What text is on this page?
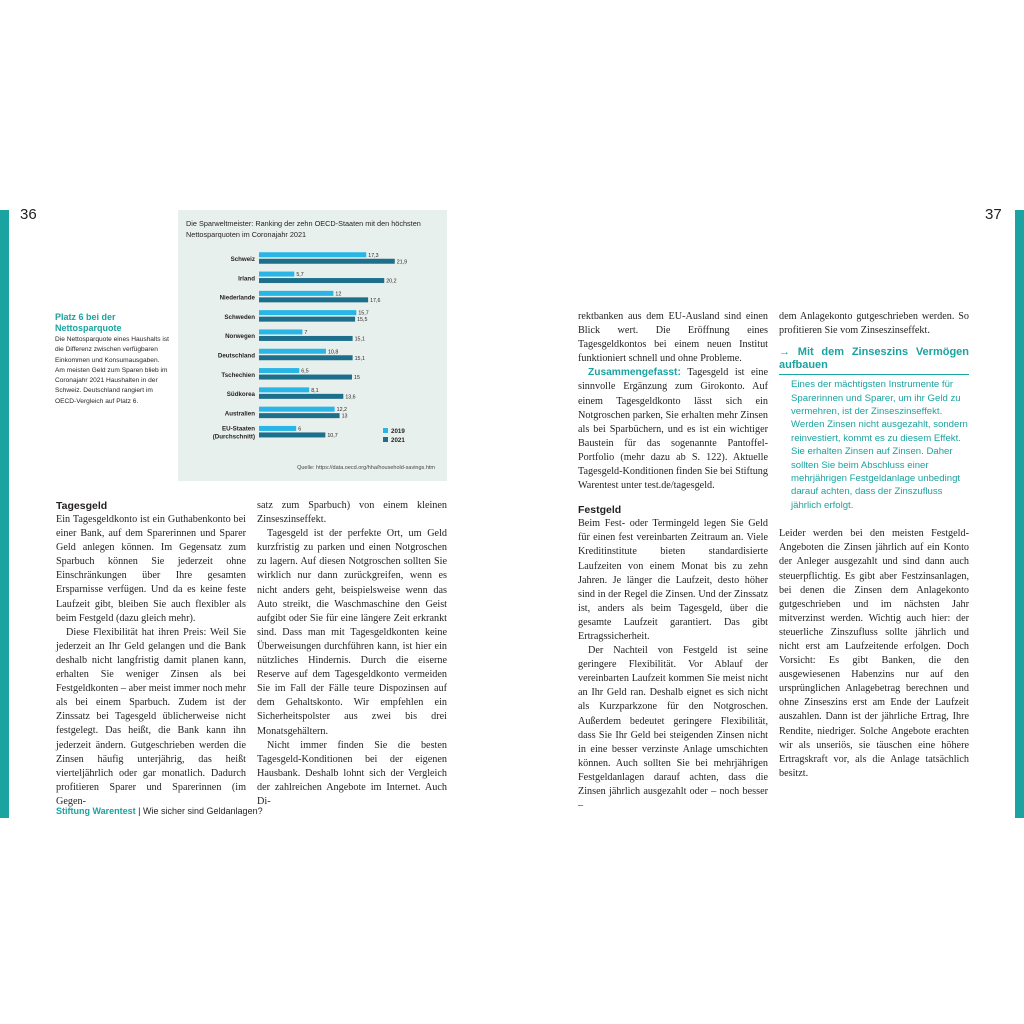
36	37
Schweiz
17,3
21,9
Irland
5,7
20,2
Niederlande
12
17,6
Schweden
15,7
15,5
Norwegen
7
15,1
Deutschland
10,8
15,1
Tschechien
6,5
15
Südkorea
8,1
13,6
Australien
12,2
13
EU-Staaten
(Durchschnitt)
6
10,7
2019
2021
Die Sparweltmeister: Ranking der zehn OECD-Staaten mit den höchsten Nettosparquoten im Coronajahr 2021
Quelle: https://data.oecd.org/hha/household-savings.htm
Platz 6 bei der Nettosparquote
Die Nettosparquote eines Haushalts ist die Differenz zwischen verfügbaren Einkommen und Konsumausgaben. Am meisten Geld zum Sparen blieb im Coronajahr 2021 Haushalten in der Schweiz. Deutschland rangiert im OECD-Vergleich auf Platz 6.
Tagesgeld

Ein Tagesgeldkonto ist ein Guthabenkonto bei einer Bank, auf dem Sparerinnen und Sparer Geld anlegen können. Im Gegensatz zum Sparbuch können Sie jederzeit ohne Einschränkungen über Ihre gesamten Ersparnisse verfügen. Und da es keine feste Laufzeit gibt, bleiben Sie auch flexibler als beim Festgeld (dazu gleich mehr).

Diese Flexibilität hat ihren Preis: Weil Sie jederzeit an Ihr Geld gelangen und die Bank deshalb nicht langfristig damit planen kann, erhalten Sie weniger Zinsen als bei Festgeldkonten – aber meist immer noch mehr als bei einem Sparbuch. Zudem ist der Zinssatz bei Tagesgeld üblicherweise nicht festgelegt. Das heißt, die Bank kann ihn jederzeit ändern. Gutgeschrieben werden die Zinsen häufig unterjährig, das heißt vierteljährlich oder gar monatlich. Dadurch profitieren Sparer und Sparerinnen (im Gegen-

satz zum Sparbuch) von einem kleinen Zinseszinseffekt.

Tagesgeld ist der perfekte Ort, um Geld kurzfristig zu parken und einen Notgroschen zu lagern. Auf diesen Notgroschen sollten Sie wirklich nur dann zurückgreifen, wenn es nicht anders geht, beispielsweise wenn das Auto streikt, die Waschmaschine den Geist aufgibt oder Sie für eine längere Zeit erkrankt sind. Dass man mit Tagesgeldkonten keine Überweisungen durchführen kann, ist hier ein nützliches Hindernis. Durch die eiserne Reserve auf dem Tagesgeldkonto vermeiden Sie im Fall der Fälle teure Dispozinsen auf dem Gehaltskonto. Wir empfehlen ein Sicherheitspolster aus zwei bis drei Monatsgehältern.

Nicht immer finden Sie die besten Tagesgeld-Konditionen bei der eigenen Hausbank. Deshalb lohnt sich der Vergleich der zahlreichen Angebote im Internet. Auch Di-

rektbanken aus dem EU-Ausland sind einen Blick wert. Die Eröffnung eines Tagesgeldkontos bei einem neuen Institut funktioniert schnell und ohne Probleme.

Zusammengefasst: Tagesgeld ist eine sinnvolle Ergänzung zum Girokonto. Auf einem Tagesgeldkonto lässt sich ein Notgroschen parken, Sie erhalten mehr Zinsen als bei Sparbüchern, und es ist ein wichtiger Baustein für das sogenannte Pantoffel-Portfolio (mehr dazu ab S. 122). Aktuelle Tagesgeld-Konditionen finden Sie bei Stiftung Warentest unter test.de/tagesgeld.

Festgeld

Beim Fest- oder Termingeld legen Sie Geld für einen fest vereinbarten Zeitraum an. Viele Kreditinstitute bieten standardisierte Laufzeiten von einem Monat bis zu zehn Jahren. Je länger die Laufzeit, desto höher sind in der Regel die Zinsen. Und der Zinssatz ist, anders als beim Tagesgeld, über die gesamte Laufzeit garantiert. Das gibt Ertragssicherheit.

Der Nachteil von Festgeld ist seine geringere Flexibilität. Vor Ablauf der vereinbarten Laufzeit kommen Sie meist nicht an Ihr Geld ran. Deshalb eignet es sich nicht als Kurzparkzone für den Notgroschen. Außerdem bedeutet geringere Flexibilität, dass Sie Ihr Geld bei steigenden Zinsen nicht in eine besser verzinste Anlage umschichten können. Auch sollten Sie bei mehrjährigen Festgeldanlagen darauf achten, dass die Zinsen jährlich ausgezahlt oder – noch besser –

dem Anlagekonto gutgeschrieben werden. So profitieren Sie vom Zinseszinseffekt.

→ Mit dem Zinseszins Vermögen aufbauen
Eines der mächtigsten Instrumente für Sparerinnen und Sparer, um ihr Geld zu vermehren, ist der Zinseszinseffekt. Werden Zinsen nicht ausgezahlt, sondern reinvestiert, kommt es zu diesem Effekt. Sie erhalten Zinsen auf Zinsen. Daher sollten Sie beim Abschluss einer mehrjährigen Festgeldanlage unbedingt darauf achten, dass der Zinszufluss jährlich erfolgt.

Leider werden bei den meisten Festgeld-Angeboten die Zinsen jährlich auf ein Konto der Anleger ausgezahlt und sind dann auch steuerpflichtig. Es gibt aber Festzinsanlagen, bei denen die Zinsen dem Anlagekonto gutgeschrieben und im nächsten Jahr mitverzinst werden. Wichtig auch hier: der steuerliche Zinszufluss sollte jährlich und nicht erst am Laufzeitende erfolgen. Doch Vorsicht: Es gibt Banken, die den ausgewiesenen Habenzins nur auf den ursprünglichen Anlagebetrag berechnen und ohne Zinseszins erst am Ende der Laufzeit auszahlen. Dann ist der jährliche Ertrag, Ihre Rendite, niedriger. Solche Angebote erachten wir als unseriös, sie täuschen eine höhere Ertragskraft vor, als die Anlage tatsächlich besitzt.

Stiftung Warentest | Wie sicher sind Geldanlagen?
